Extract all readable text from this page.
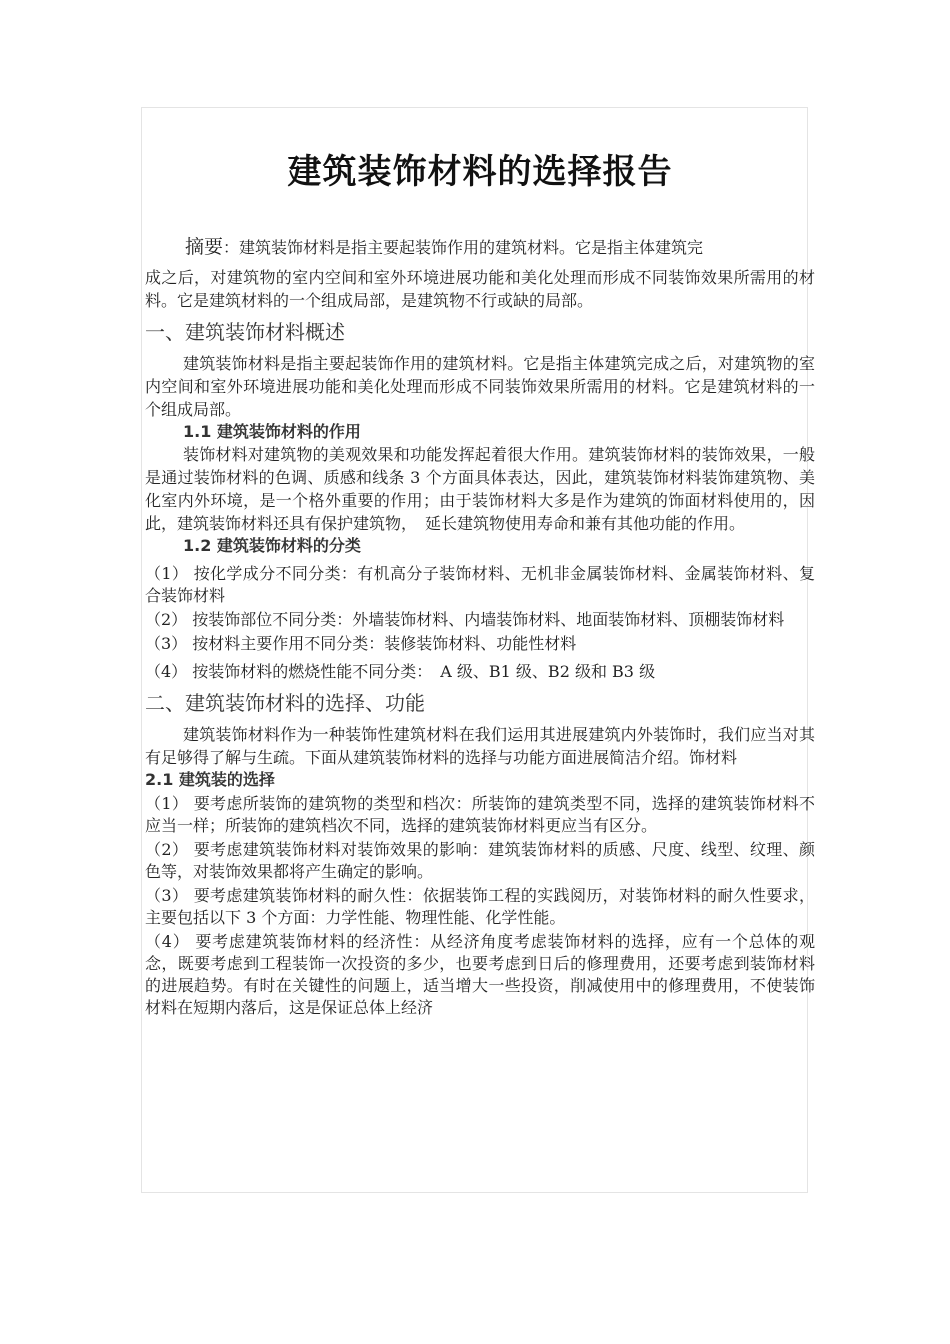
建筑装饰材料的选择报告

摘要：建筑装饰材料是指主要起装饰作用的建筑材料。它是指主体建筑完

成之后，对建筑物的室内空间和室外环境进展功能和美化处理而形成不同装饰效果所需用的材料。它是建筑材料的一个组成局部，是建筑物不行或缺的局部。

一、建筑装饰材料概述

建筑装饰材料是指主要起装饰作用的建筑材料。它是指主体建筑完成之后，对建筑物的室内空间和室外环境进展功能和美化处理而形成不同装饰效果所需用的材料。它是建筑材料的一个组成局部。

1.1 建筑装饰材料的作用

装饰材料对建筑物的美观效果和功能发挥起着很大作用。建筑装饰材料的装饰效果，一般是通过装饰材料的色调、质感和线条 3 个方面具体表达，因此，建筑装饰材料装饰建筑物、美化室内外环境，是一个格外重要的作用；由于装饰材料大多是作为建筑的饰面材料使用的，因此，建筑装饰材料还具有保护建筑物，　延长建筑物使用寿命和兼有其他功能的作用。

1.2 建筑装饰材料的分类

（1） 按化学成分不同分类：有机高分子装饰材料、无机非金属装饰材料、金属装饰材料、复合装饰材料

（2） 按装饰部位不同分类：外墙装饰材料、内墙装饰材料、地面装饰材料、顶棚装饰材料

（3） 按材料主要作用不同分类：装修装饰材料、功能性材料

（4） 按装饰材料的燃烧性能不同分类：　A 级、B1 级、B2 级和 B3 级

二、建筑装饰材料的选择、功能

建筑装饰材料作为一种装饰性建筑材料在我们运用其进展建筑内外装饰时，我们应当对其有足够得了解与生疏。下面从建筑装饰材料的选择与功能方面进展简洁介绍。饰材料

2.1 建筑装的选择

（1） 要考虑所装饰的建筑物的类型和档次：所装饰的建筑类型不同，选择的建筑装饰材料不应当一样；所装饰的建筑档次不同，选择的建筑装饰材料更应当有区分。

（2） 要考虑建筑装饰材料对装饰效果的影响：建筑装饰材料的质感、尺度、线型、纹理、颜色等，对装饰效果都将产生确定的影响。

（3） 要考虑建筑装饰材料的耐久性：依据装饰工程的实践阅历，对装饰材料的耐久性要求，主要包括以下 3 个方面：力学性能、物理性能、化学性能。

（4） 要考虑建筑装饰材料的经济性：从经济角度考虑装饰材料的选择，应有一个总体的观念，既要考虑到工程装饰一次投资的多少，也要考虑到日后的修理费用，还要考虑到装饰材料的进展趋势。有时在关键性的问题上，适当增大一些投资，削减使用中的修理费用，不使装饰材料在短期内落后，这是保证总体上经济
